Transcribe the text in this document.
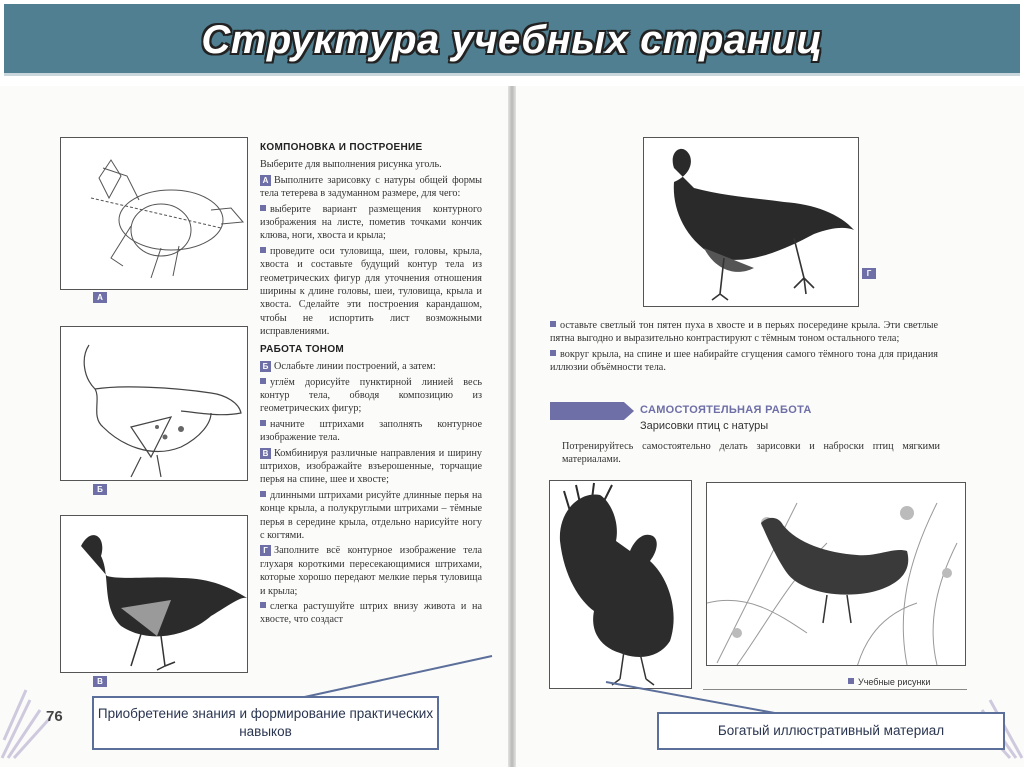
Структура учебных страниц
А
Б
В
КОМПОНОВКА И ПОСТРОЕНИЕ

Выберите для выполнения рисунка уголь.

А Выполните зарисовку с натуры общей формы тела тетерева в задуманном размере, для чего:

выберите вариант размещения контурного изображения на листе, пометив точками кончик клюва, ноги, хвоста и крыла;

проведите оси туловища, шеи, головы, крыла, хвоста и составьте будущий контур тела из геометрических фигур для уточнения отношения ширины к длине головы, шеи, туловища, крыла и хвоста. Сделайте эти построения карандашом, чтобы не испортить лист возможными исправлениями.

РАБОТА ТОНОМ

Б Ослабьте линии построений, а затем:

углём дорисуйте пунктирной линией весь контур тела, обводя композицию из геометрических фигур;

начните штрихами заполнять контурное изображение тела.

В Комбинируя различные направления и ширину штрихов, изображайте взъерошенные, торчащие перья на спине, шее и хвосте;

длинными штрихами рисуйте длинные перья на конце крыла, а полукруглыми штрихами – тёмные перья в середине крыла, отдельно нарисуйте ногу с когтями.

Г Заполните всё контурное изображение тела глухаря короткими пересекающимися штрихами, которые хорошо передают мелкие перья туловища и крыла;

слегка растушуйте штрих внизу живота и на хвосте, что создаст

76
Г

оставьте светлый тон пятен пуха в хвосте и в перьях посередине крыла. Эти светлые пятна выгодно и выразительно контрастируют с тёмным тоном остального тела;

вокруг крыла, на спине и шее набирайте сгущения самого тёмного тона для придания иллюзии объёмности тела.

САМОСТОЯТЕЛЬНАЯ РАБОТА
Зарисовки птиц с натуры

Потренируйтесь самостоятельно делать зарисовки и наброски птиц мягкими материалами.

Учебные рисунки
Приобретение знания и формирование практических навыков	Богатый иллюстративный материал
